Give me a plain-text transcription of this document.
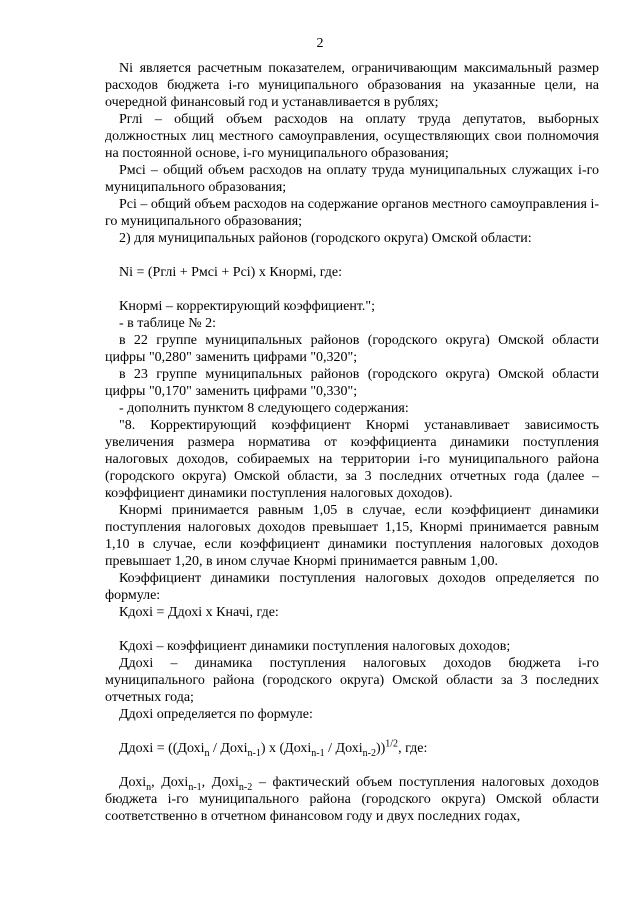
2

Ni является расчетным показателем, ограничивающим максимальный размер расходов бюджета i-го муниципального образования на указанные цели, на очередной финансовый год и устанавливается в рублях;

Рглi – общий объем расходов на оплату труда депутатов, выборных должностных лиц местного самоуправления, осуществляющих свои полномочия на постоянной основе, i-го муниципального образования;

Рмсi – общий объем расходов на оплату труда муниципальных служащих i-го муниципального образования;

Рсi – общий объем расходов на содержание органов местного самоуправления i-го муниципального образования;

2) для муниципальных районов (городского округа) Омской области:

Ni = (Рглi + Рмсi + Рсi) х Кнормi, где:

Кнормi – корректирующий коэффициент.";

- в таблице № 2:

в 22 группе муниципальных районов (городского округа) Омской области цифры "0,280" заменить цифрами "0,320";

в 23 группе муниципальных районов (городского округа) Омской области цифры "0,170" заменить цифрами "0,330";

- дополнить пунктом 8 следующего содержания:

"8. Корректирующий коэффициент Кнормi устанавливает зависимость увеличения размера норматива от коэффициента динамики поступления налоговых доходов, собираемых на территории i-го муниципального района (городского округа) Омской области, за 3 последних отчетных года (далее – коэффициент динамики поступления налоговых доходов).

Кнормi принимается равным 1,05 в случае, если коэффициент динамики поступления налоговых доходов превышает 1,15, Кнормi принимается равным 1,10 в случае, если коэффициент динамики поступления налоговых доходов превышает 1,20, в ином случае Кнормi принимается равным 1,00.

Коэффициент динамики поступления налоговых доходов определяется по формуле:

Кдохi = Ддохi х Кначi, где:

Кдохi – коэффициент динамики поступления налоговых доходов;

Ддохi – динамика поступления налоговых доходов бюджета i-го муниципального района (городского округа) Омской области за 3 последних отчетных года;

Ддохi определяется по формуле:

Ддохi = ((Дохi$_n$ / Дохi$_{n-1}$) х (Дохi$_{n-1}$ / Дохi$_{n-2}$))$^{1/2}$, где:

Дохi$_n$, Дохi$_{n-1}$, Дохi$_{n-2}$ – фактический объем поступления налоговых доходов бюджета i-го муниципального района (городского округа) Омской области соответственно в отчетном финансовом году и двух последних годах,
